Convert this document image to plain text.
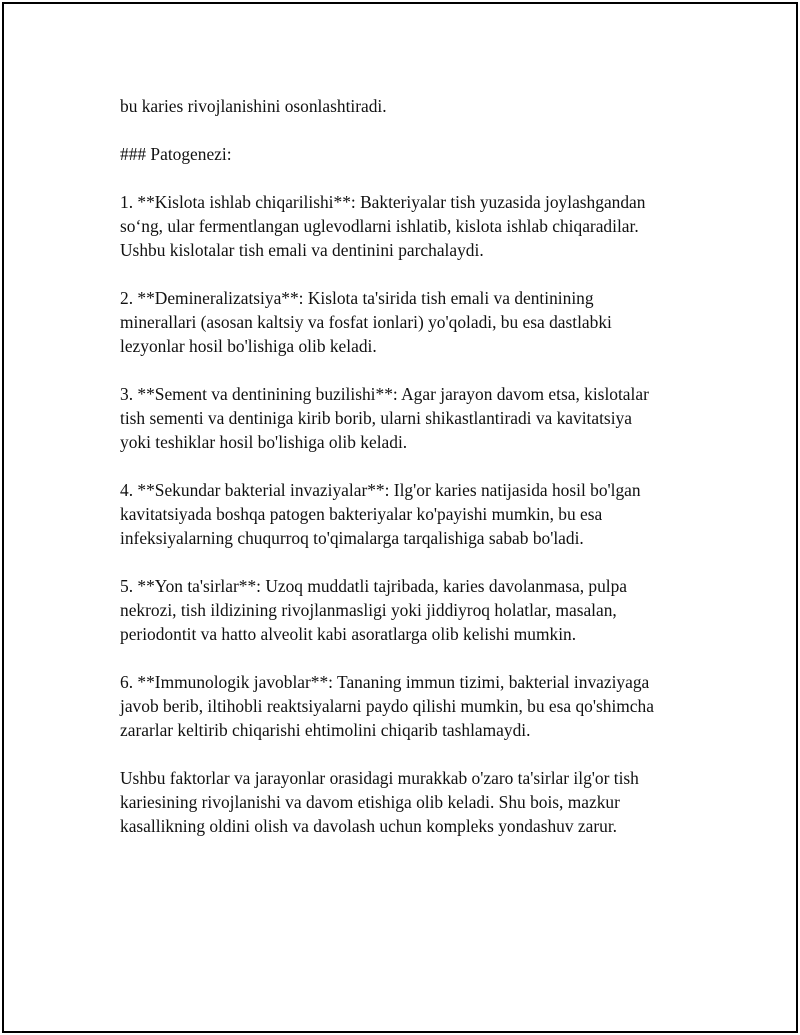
bu karies rivojlanishini osonlashtiradi.

### Patogenezi:

1. **Kislota ishlab chiqarilishi**: Bakteriyalar tish yuzasida joylashgandan
so‘ng, ular fermentlangan uglevodlarni ishlatib, kislota ishlab chiqaradilar.
Ushbu kislotalar tish emali va dentinini parchalaydi.

2. **Demineralizatsiya**: Kislota ta'sirida tish emali va dentinining
minerallari (asosan kaltsiy va fosfat ionlari) yo'qoladi, bu esa dastlabki
lezyonlar hosil bo'lishiga olib keladi.

3. **Sement va dentinining buzilishi**: Agar jarayon davom etsa, kislotalar
tish sementi va dentiniga kirib borib, ularni shikastlantiradi va kavitatsiya
yoki teshiklar hosil bo'lishiga olib keladi.

4. **Sekundar bakterial invaziyalar**: Ilg'or karies natijasida hosil bo'lgan
kavitatsiyada boshqa patogen bakteriyalar ko'payishi mumkin, bu esa
infeksiyalarning chuqurroq to'qimalarga tarqalishiga sabab bo'ladi.

5. **Yon ta'sirlar**: Uzoq muddatli tajribada, karies davolanmasa, pulpa
nekrozi, tish ildizining rivojlanmasligi yoki jiddiyroq holatlar, masalan,
periodontit va hatto alveolit kabi asoratlarga olib kelishi mumkin.

6. **Immunologik javoblar**: Tananing immun tizimi, bakterial invaziyaga
javob berib, iltihobli reaktsiyalarni paydo qilishi mumkin, bu esa qo'shimcha
zararlar keltirib chiqarishi ehtimolini chiqarib tashlamaydi.

Ushbu faktorlar va jarayonlar orasidagi murakkab o'zaro ta'sirlar ilg'or tish
kariesining rivojlanishi va davom etishiga olib keladi. Shu bois, mazkur
kasallikning oldini olish va davolash uchun kompleks yondashuv zarur.
